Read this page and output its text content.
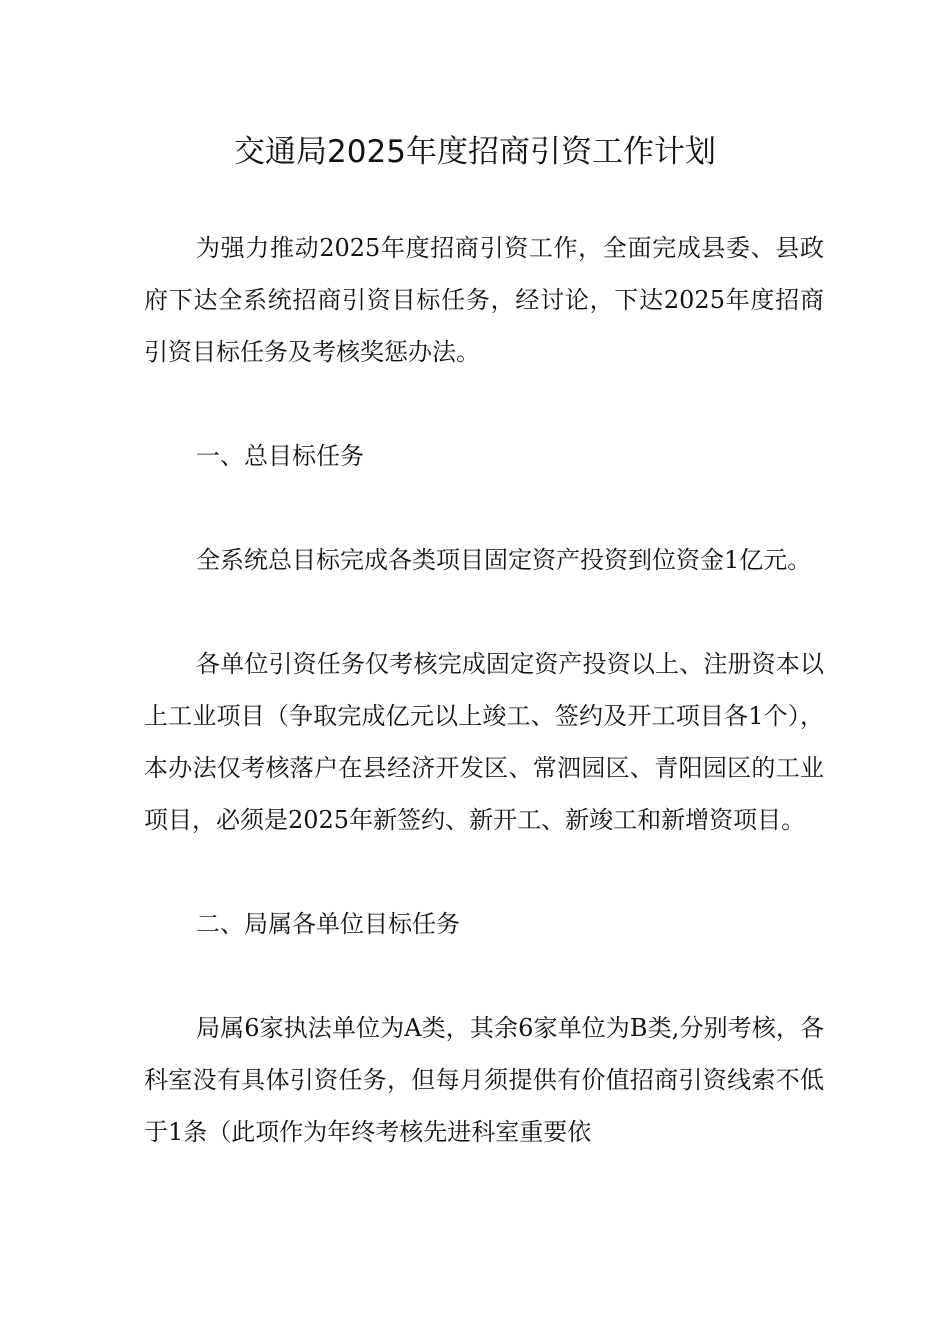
交通局2025年度招商引资工作计划

为强力推动2025年度招商引资工作，全面完成县委、县政府下达全系统招商引资目标任务，经讨论，下达2025年度招商引资目标任务及考核奖惩办法。

一、总目标任务

全系统总目标完成各类项目固定资产投资到位资金1亿元。

各单位引资任务仅考核完成固定资产投资以上、注册资本以上工业项目（争取完成亿元以上竣工、签约及开工项目各1个），本办法仅考核落户在县经济开发区、常泗园区、青阳园区的工业项目，必须是2025年新签约、新开工、新竣工和新增资项目。

二、局属各单位目标任务

局属6家执法单位为A类，其余6家单位为B类,分别考核，各科室没有具体引资任务，但每月须提供有价值招商引资线索不低于1条（此项作为年终考核先进科室重要依
